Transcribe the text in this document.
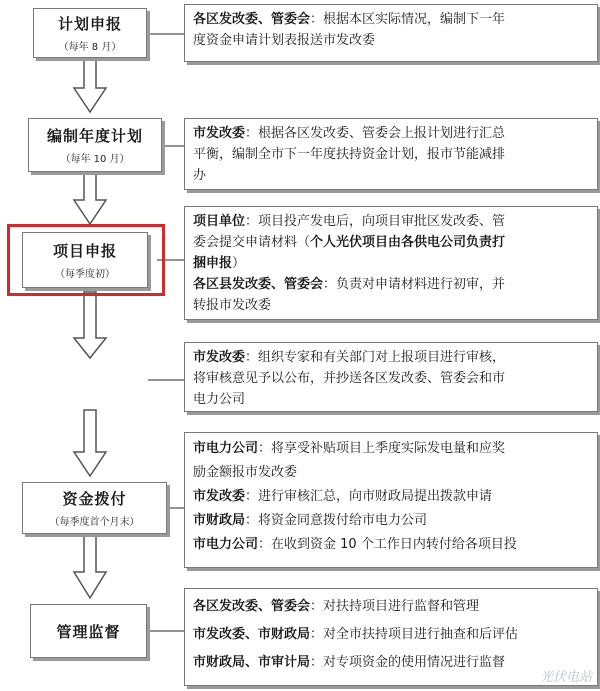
计划申报
（每年 8 月）
编制年度计划
（每年 10 月）
项目申报
（每季度初）
资金拨付
（每季度首个月末）
管理监督
各区发改委、管委会：根据本区实际情况，编制下一年
度资金申请计划表报送市发改委
市发改委：根据各区发改委、管委会上报计划进行汇总
平衡，编制全市下一年度扶持资金计划，报市节能减排
办
项目单位：项目投产发电后，向项目审批区发改委、管
委会提交申请材料（个人光伏项目由各供电公司负责打
捆申报）
各区县发改委、管委会：负责对申请材料进行初审，并
转报市发改委
市发改委：组织专家和有关部门对上报项目进行审核，
将审核意见予以公布，并抄送各区发改委、管委会和市
电力公司
市电力公司：将享受补贴项目上季度实际发电量和应奖
励金额报市发改委
市发改委：进行审核汇总，向市财政局提出拨款申请
市财政局：将资金同意拨付给市电力公司
市电力公司：在收到资金 10 个工作日内转付给各项目投
各区发改委、管委会：对扶持项目进行监督和管理
市发改委、市财政局：对全市扶持项目进行抽查和后评估
市财政局、市审计局：对专项资金的使用情况进行监督
光伏电站
